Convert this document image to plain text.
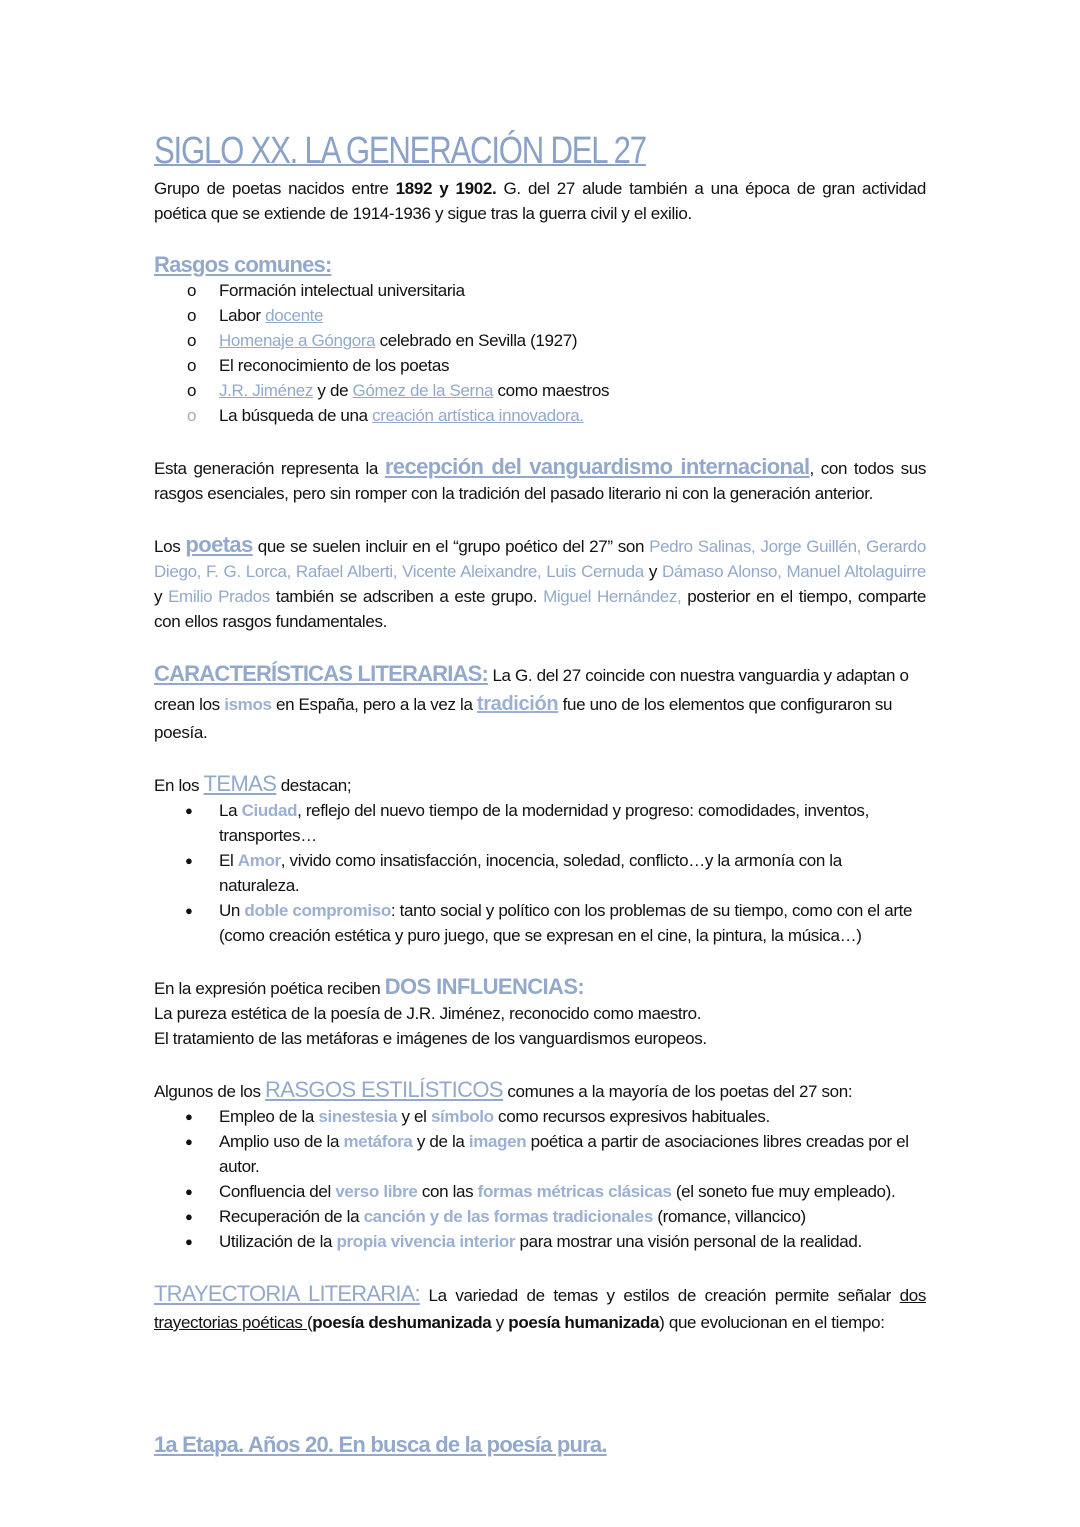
SIGLO XX. LA GENERACIÓN DEL 27

Grupo de poetas nacidos entre 1892 y 1902. G. del 27 alude también a una época de gran actividad poética que se extiende de 1914-1936 y sigue tras la guerra civil y el exilio.

Rasgos comunes:
o Formación intelectual universitaria
o Labor docente
o Homenaje a Góngora celebrado en Sevilla (1927)
o El reconocimiento de los poetas
o J.R. Jiménez y de Gómez de la Serna como maestros
o La búsqueda de una creación artística innovadora.

Esta generación representa la recepción del vanguardismo internacional, con todos sus rasgos esenciales, pero sin romper con la tradición del pasado literario ni con la generación anterior.

Los poetas que se suelen incluir en el “grupo poético del 27” son Pedro Salinas, Jorge Guillén, Gerardo Diego, F. G. Lorca, Rafael Alberti, Vicente Aleixandre, Luis Cernuda y Dámaso Alonso, Manuel Altolaguirre y Emilio Prados también se adscriben a este grupo. Miguel Hernández, posterior en el tiempo, comparte con ellos rasgos fundamentales.

CARACTERÍSTICAS LITERARIAS: La G. del 27 coincide con nuestra vanguardia y adaptan o crean los ismos en España, pero a la vez la tradición fue uno de los elementos que configuraron su poesía.

En los TEMAS destacan;

● La Ciudad, reflejo del nuevo tiempo de la modernidad y progreso: comodidades, inventos, transportes…
● El Amor, vivido como insatisfacción, inocencia, soledad, conflicto…y la armonía con la naturaleza.
● Un doble compromiso: tanto social y político con los problemas de su tiempo, como con el arte (como creación estética y puro juego, que se expresan en el cine, la pintura, la música…)

En la expresión poética reciben DOS INFLUENCIAS:

La pureza estética de la poesía de J.R. Jiménez, reconocido como maestro.

El tratamiento de las metáforas e imágenes de los vanguardismos europeos.

Algunos de los RASGOS ESTILÍSTICOS comunes a la mayoría de los poetas del 27 son:

● Empleo de la sinestesia y el símbolo como recursos expresivos habituales.
● Amplio uso de la metáfora y de la imagen poética a partir de asociaciones libres creadas por el autor.
● Confluencia del verso libre con las formas métricas clásicas (el soneto fue muy empleado).
● Recuperación de la canción y de las formas tradicionales (romance, villancico)
● Utilización de la propia vivencia interior para mostrar una visión personal de la realidad.

TRAYECTORIA LITERARIA: La variedad de temas y estilos de creación permite señalar dos trayectorias poéticas (poesía deshumanizada y poesía humanizada) que evolucionan en el tiempo:

1a Etapa. Años 20. En busca de la poesía pura.
